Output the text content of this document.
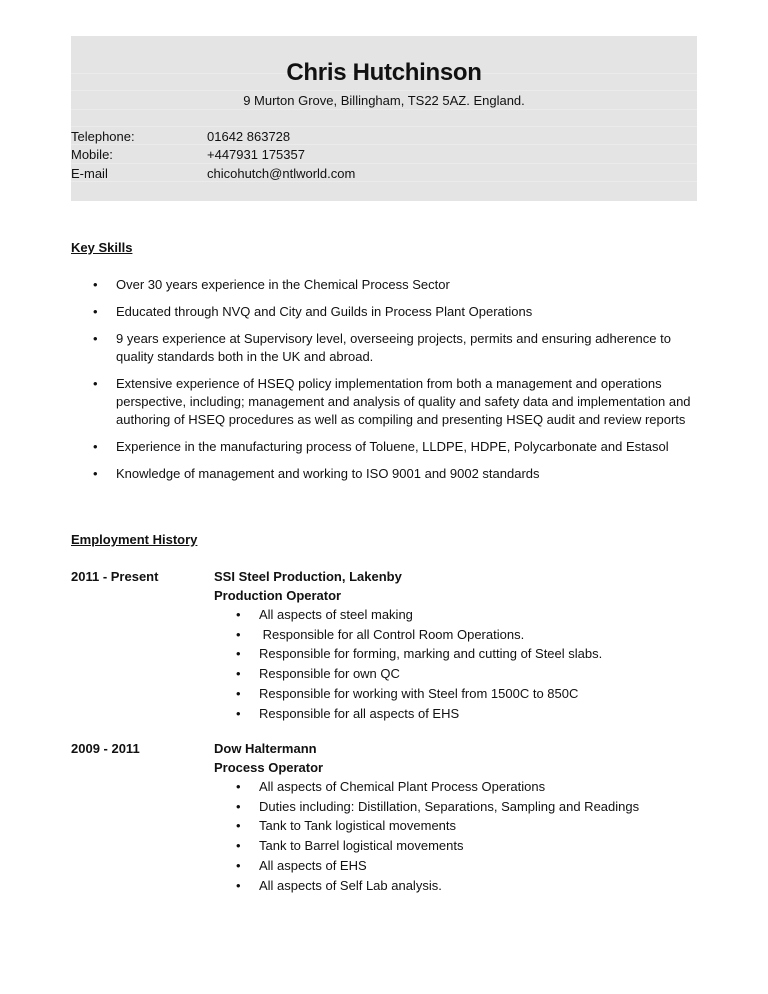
Chris Hutchinson
9 Murton Grove, Billingham, TS22 5AZ. England.
Telephone:	01642 863728
Mobile:	+447931 175357
E-mail	chicohutch@ntlworld.com
Key Skills
• Over 30 years experience in the Chemical Process Sector
• Educated through NVQ and City and Guilds in Process Plant Operations
• 9 years experience at Supervisory level, overseeing projects, permits and ensuring adherence to quality standards both in the UK and abroad.
• Extensive experience of HSEQ policy implementation from both a management and operations perspective, including; management and analysis of quality and safety data and implementation and authoring of HSEQ procedures as well as compiling and presenting HSEQ audit and review reports
• Experience in the manufacturing process of Toluene, LLDPE, HDPE, Polycarbonate and Estasol
• Knowledge of management and working to ISO 9001 and 9002 standards
Employment History
2011 - Present	SSI Steel Production, Lakenby
Production Operator
• All aspects of steel making
• Responsible for all Control Room Operations.
• Responsible for forming, marking and cutting of Steel slabs.
• Responsible for own QC
• Responsible for working with Steel from 1500C to 850C
• Responsible for all aspects of EHS
2009 - 2011	Dow Haltermann
Process Operator
• All aspects of Chemical Plant Process Operations
• Duties including: Distillation, Separations, Sampling and Readings
• Tank to Tank logistical movements
• Tank to Barrel logistical movements
• All aspects of EHS
• All aspects of Self Lab analysis.
